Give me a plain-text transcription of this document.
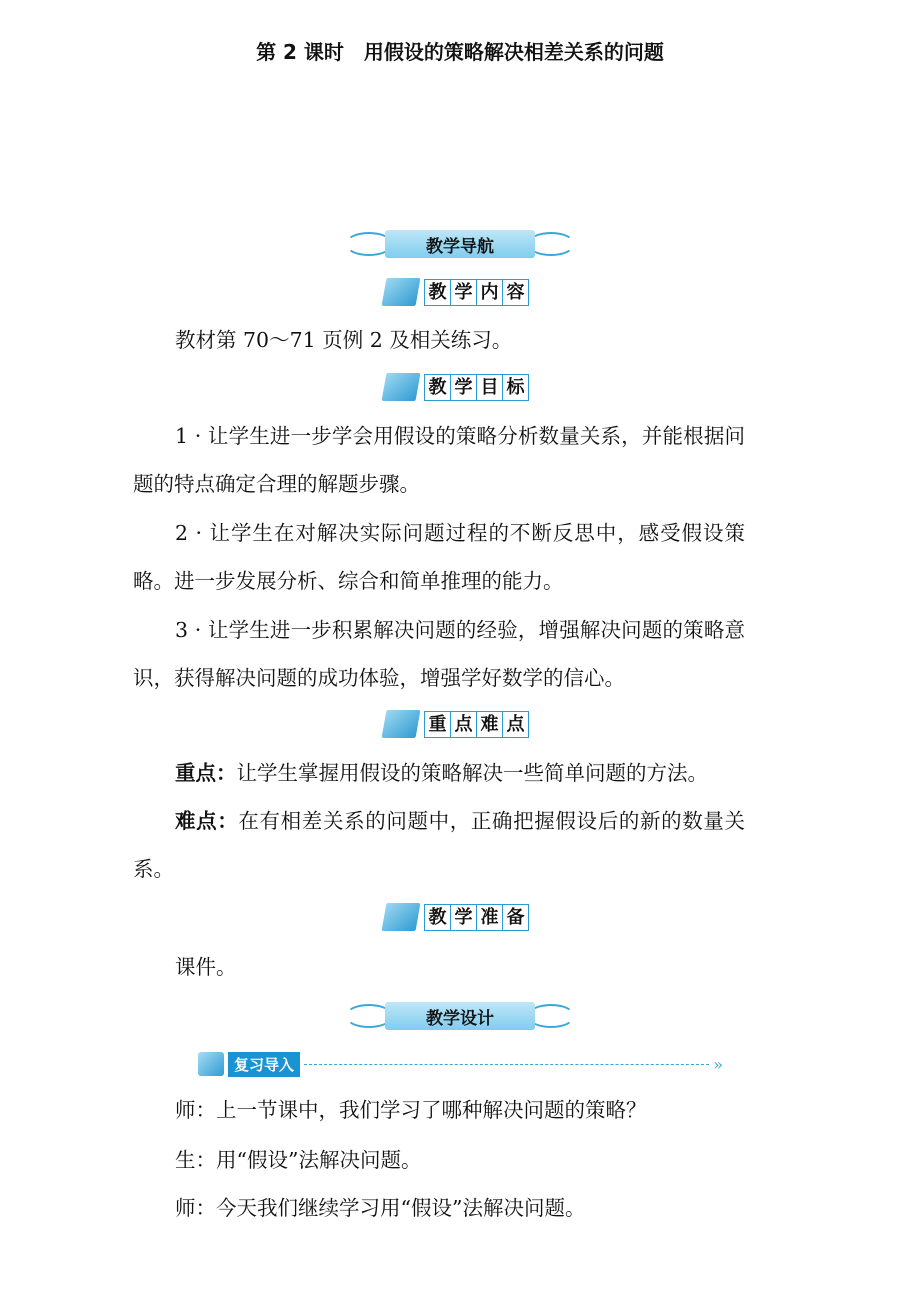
第 2 课时　用假设的策略解决相差关系的问题
教学导航
教 学 内 容
教材第 70～71 页例 2 及相关练习。
教 学 目 标
1 · 让学生进一步学会用假设的策略分析数量关系，并能根据问题的特点确定合理的解题步骤。
2 · 让学生在对解决实际问题过程的不断反思中，感受假设策略。进一步发展分析、综合和简单推理的能力。
3 · 让学生进一步积累解决问题的经验，增强解决问题的策略意识，获得解决问题的成功体验，增强学好数学的信心。
重 点 难 点
重点：让学生掌握用假设的策略解决一些简单问题的方法。
难点：在有相差关系的问题中，正确把握假设后的新的数量关系。
教 学 准 备
课件。
教学设计
复习导入	»
师：上一节课中，我们学习了哪种解决问题的策略？
生：用“假设”法解决问题。
师：今天我们继续学习用“假设”法解决问题。
